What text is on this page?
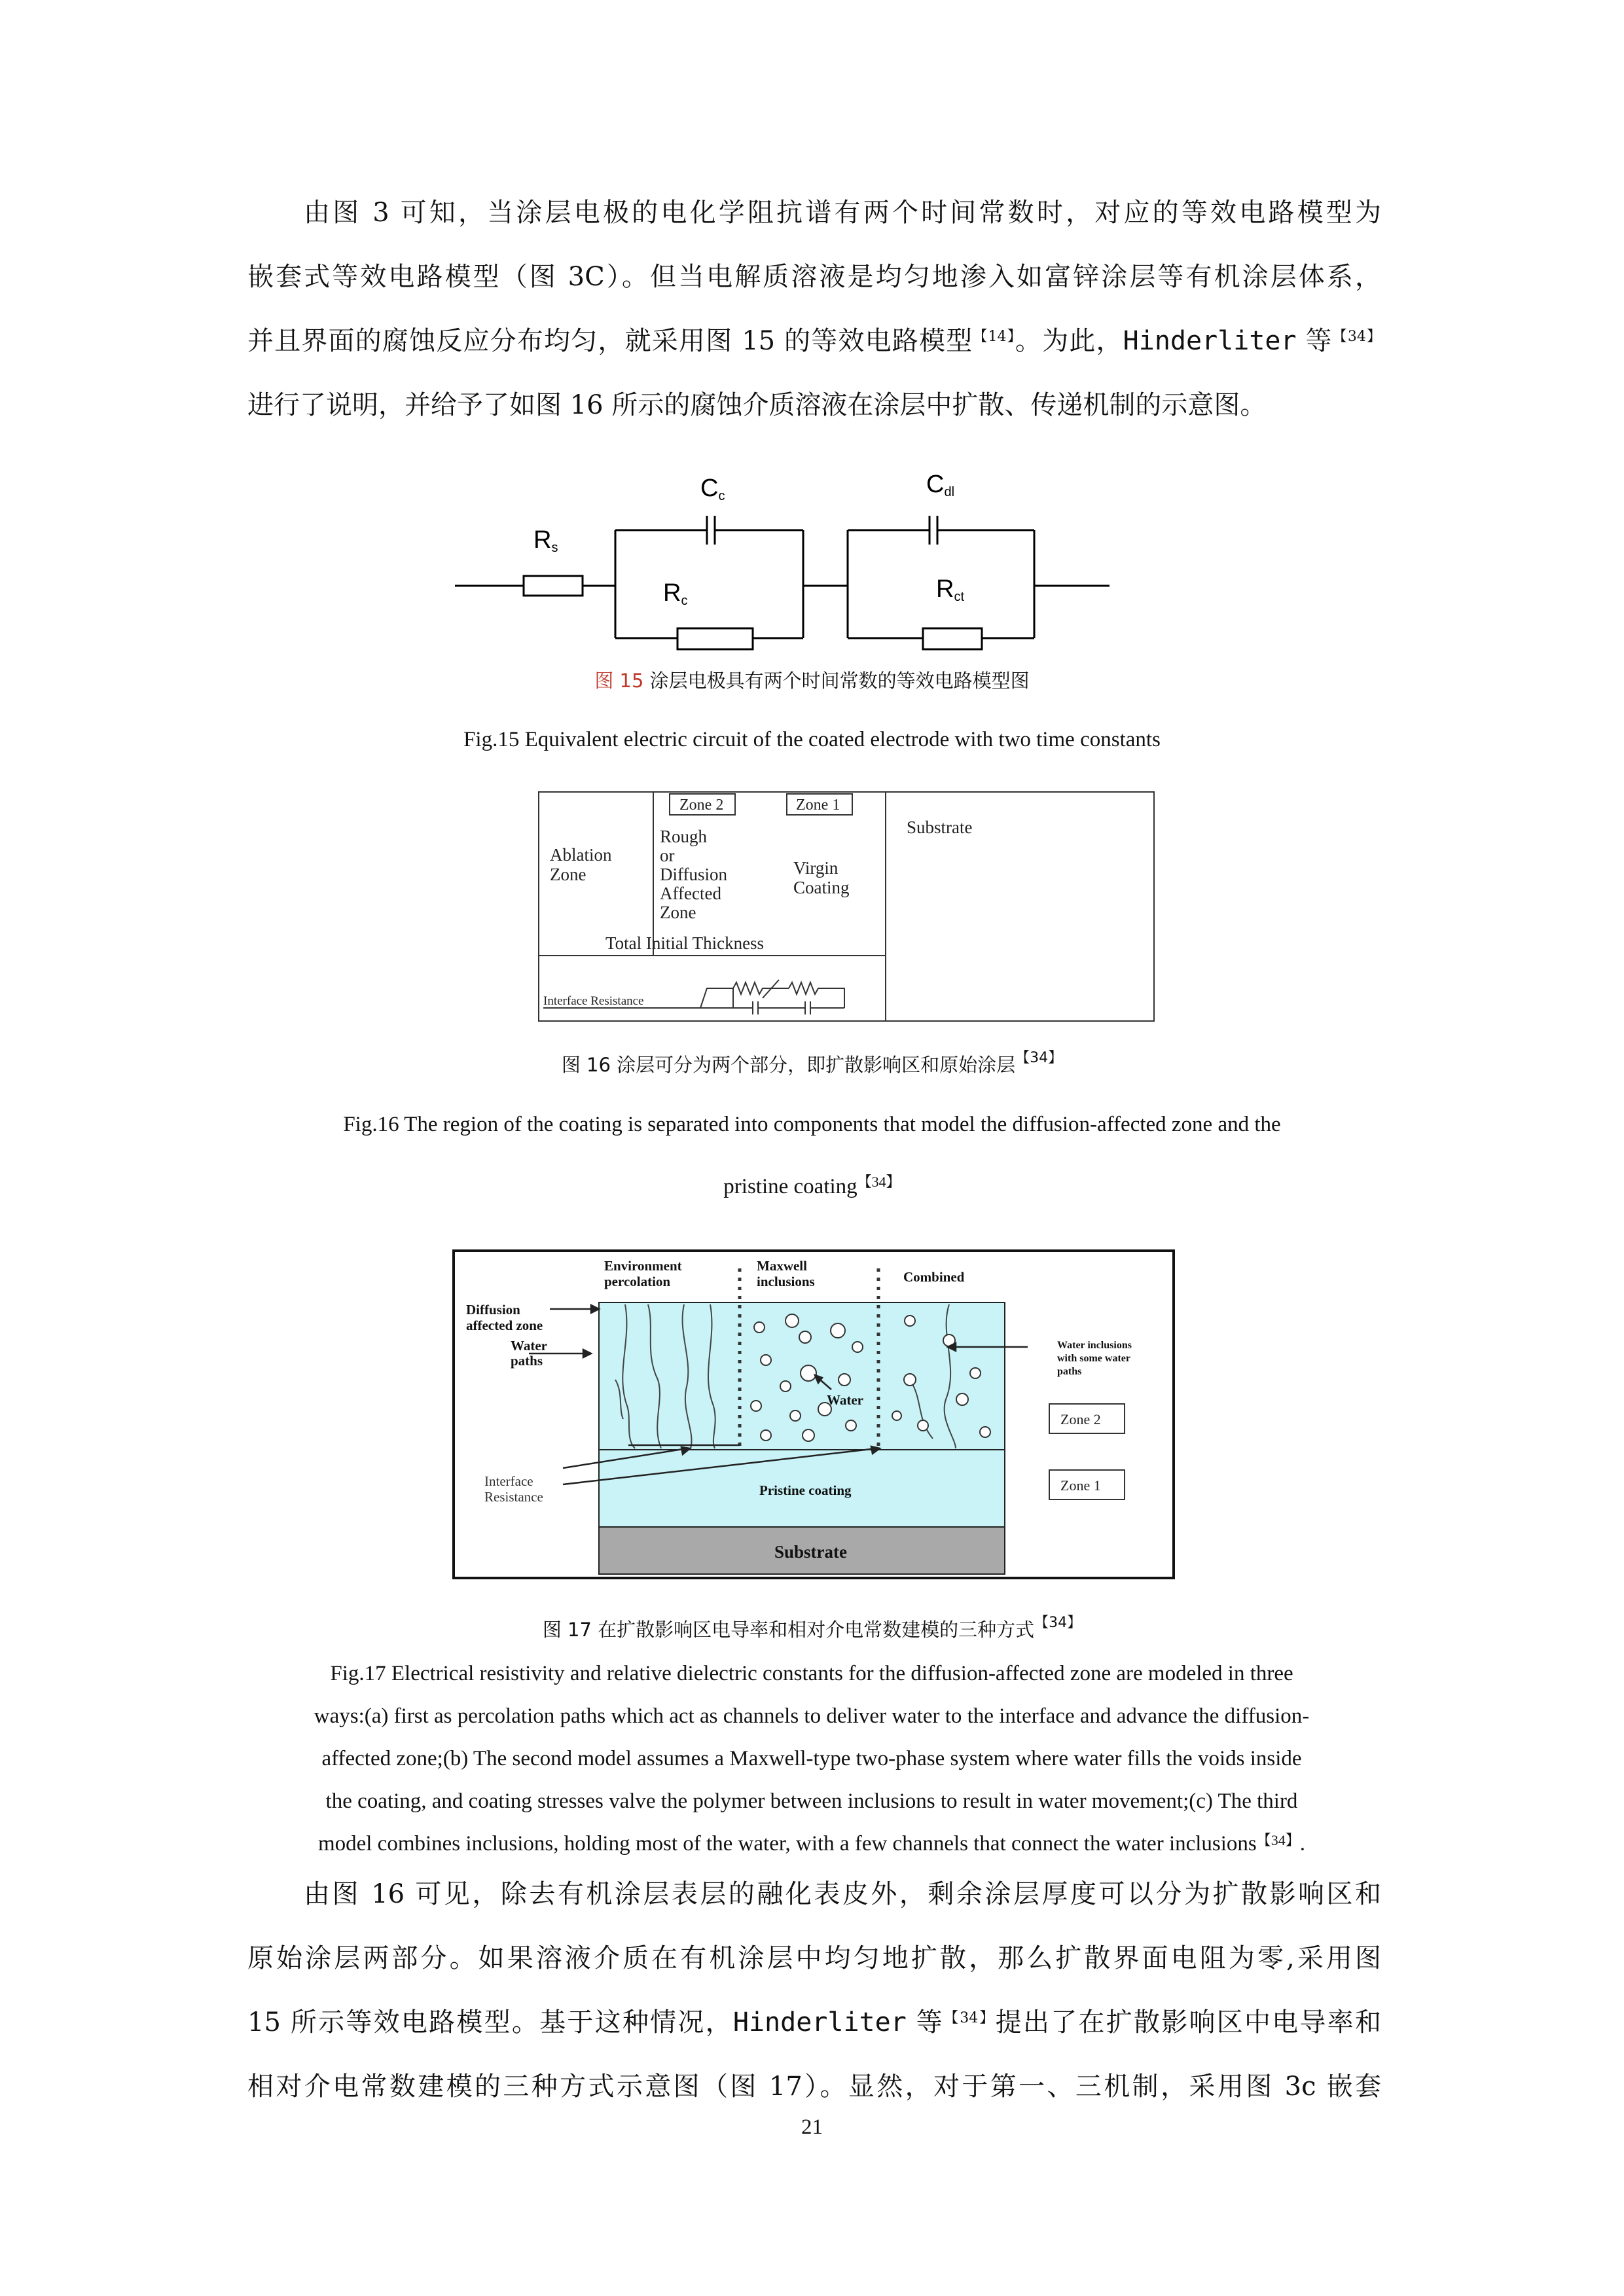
由图 3 可知，当涂层电极的电化学阻抗谱有两个时间常数时，对应的等效电路模型为
嵌套式等效电路模型（图 3C）。但当电解质溶液是均匀地渗入如富锌涂层等有机涂层体系，
并且界面的腐蚀反应分布均匀，就采用图 15 的等效电路模型$^{【14】}$。为此，Hinderliter 等$^{【34】}$
进行了说明，并给予了如图 16 所示的腐蚀介质溶液在涂层中扩散、传递机制的示意图。
Cc	Cdl
Rs
Rc	Rct
图 15 涂层电极具有两个时间常数的等效电路模型图
Fig.15 Equivalent electric circuit of the coated electrode with two time constants
Zone 2	Zone 1
Substrate
Ablation
Zone
Rough
or
Diffusion
Affected
Zone
Virgin
Coating
Total Initial Thickness
Interface Resistance
图 16 涂层可分为两个部分，即扩散影响区和原始涂层$^{【34】}$
Fig.16 The region of the coating is separated into components that model the diffusion-affected zone and the
pristine coating$^{【34】}$
Environment
percolation
Maxwell
inclusions	Combined
Diffusion
affected zone
Water
paths
Water
Pristine coating
Water inclusions
with some water
paths
Interface
Resistance
Zone 2
Zone 1
Substrate
图 17 在扩散影响区电导率和相对介电常数建模的三种方式$^{【34】}$
Fig.17 Electrical resistivity and relative dielectric constants for the diffusion-affected zone are modeled in three
ways:(a) first as percolation paths which act as channels to deliver water to the interface and advance the diffusion-
affected zone;(b) The second model assumes a Maxwell-type two-phase system where water fills the voids inside
the coating, and coating stresses valve the polymer between inclusions to result in water movement;(c) The third
model combines inclusions, holding most of the water, with a few channels that connect the water inclusions$^{【34】}$.
由图 16 可见，除去有机涂层表层的融化表皮外，剩余涂层厚度可以分为扩散影响区和
原始涂层两部分。如果溶液介质在有机涂层中均匀地扩散，那么扩散界面电阻为零,采用图
15 所示等效电路模型。基于这种情况，Hinderliter 等$^{【34】}$提出了在扩散影响区中电导率和
相对介电常数建模的三种方式示意图（图 17）。显然，对于第一、三机制，采用图 3c 嵌套
21
